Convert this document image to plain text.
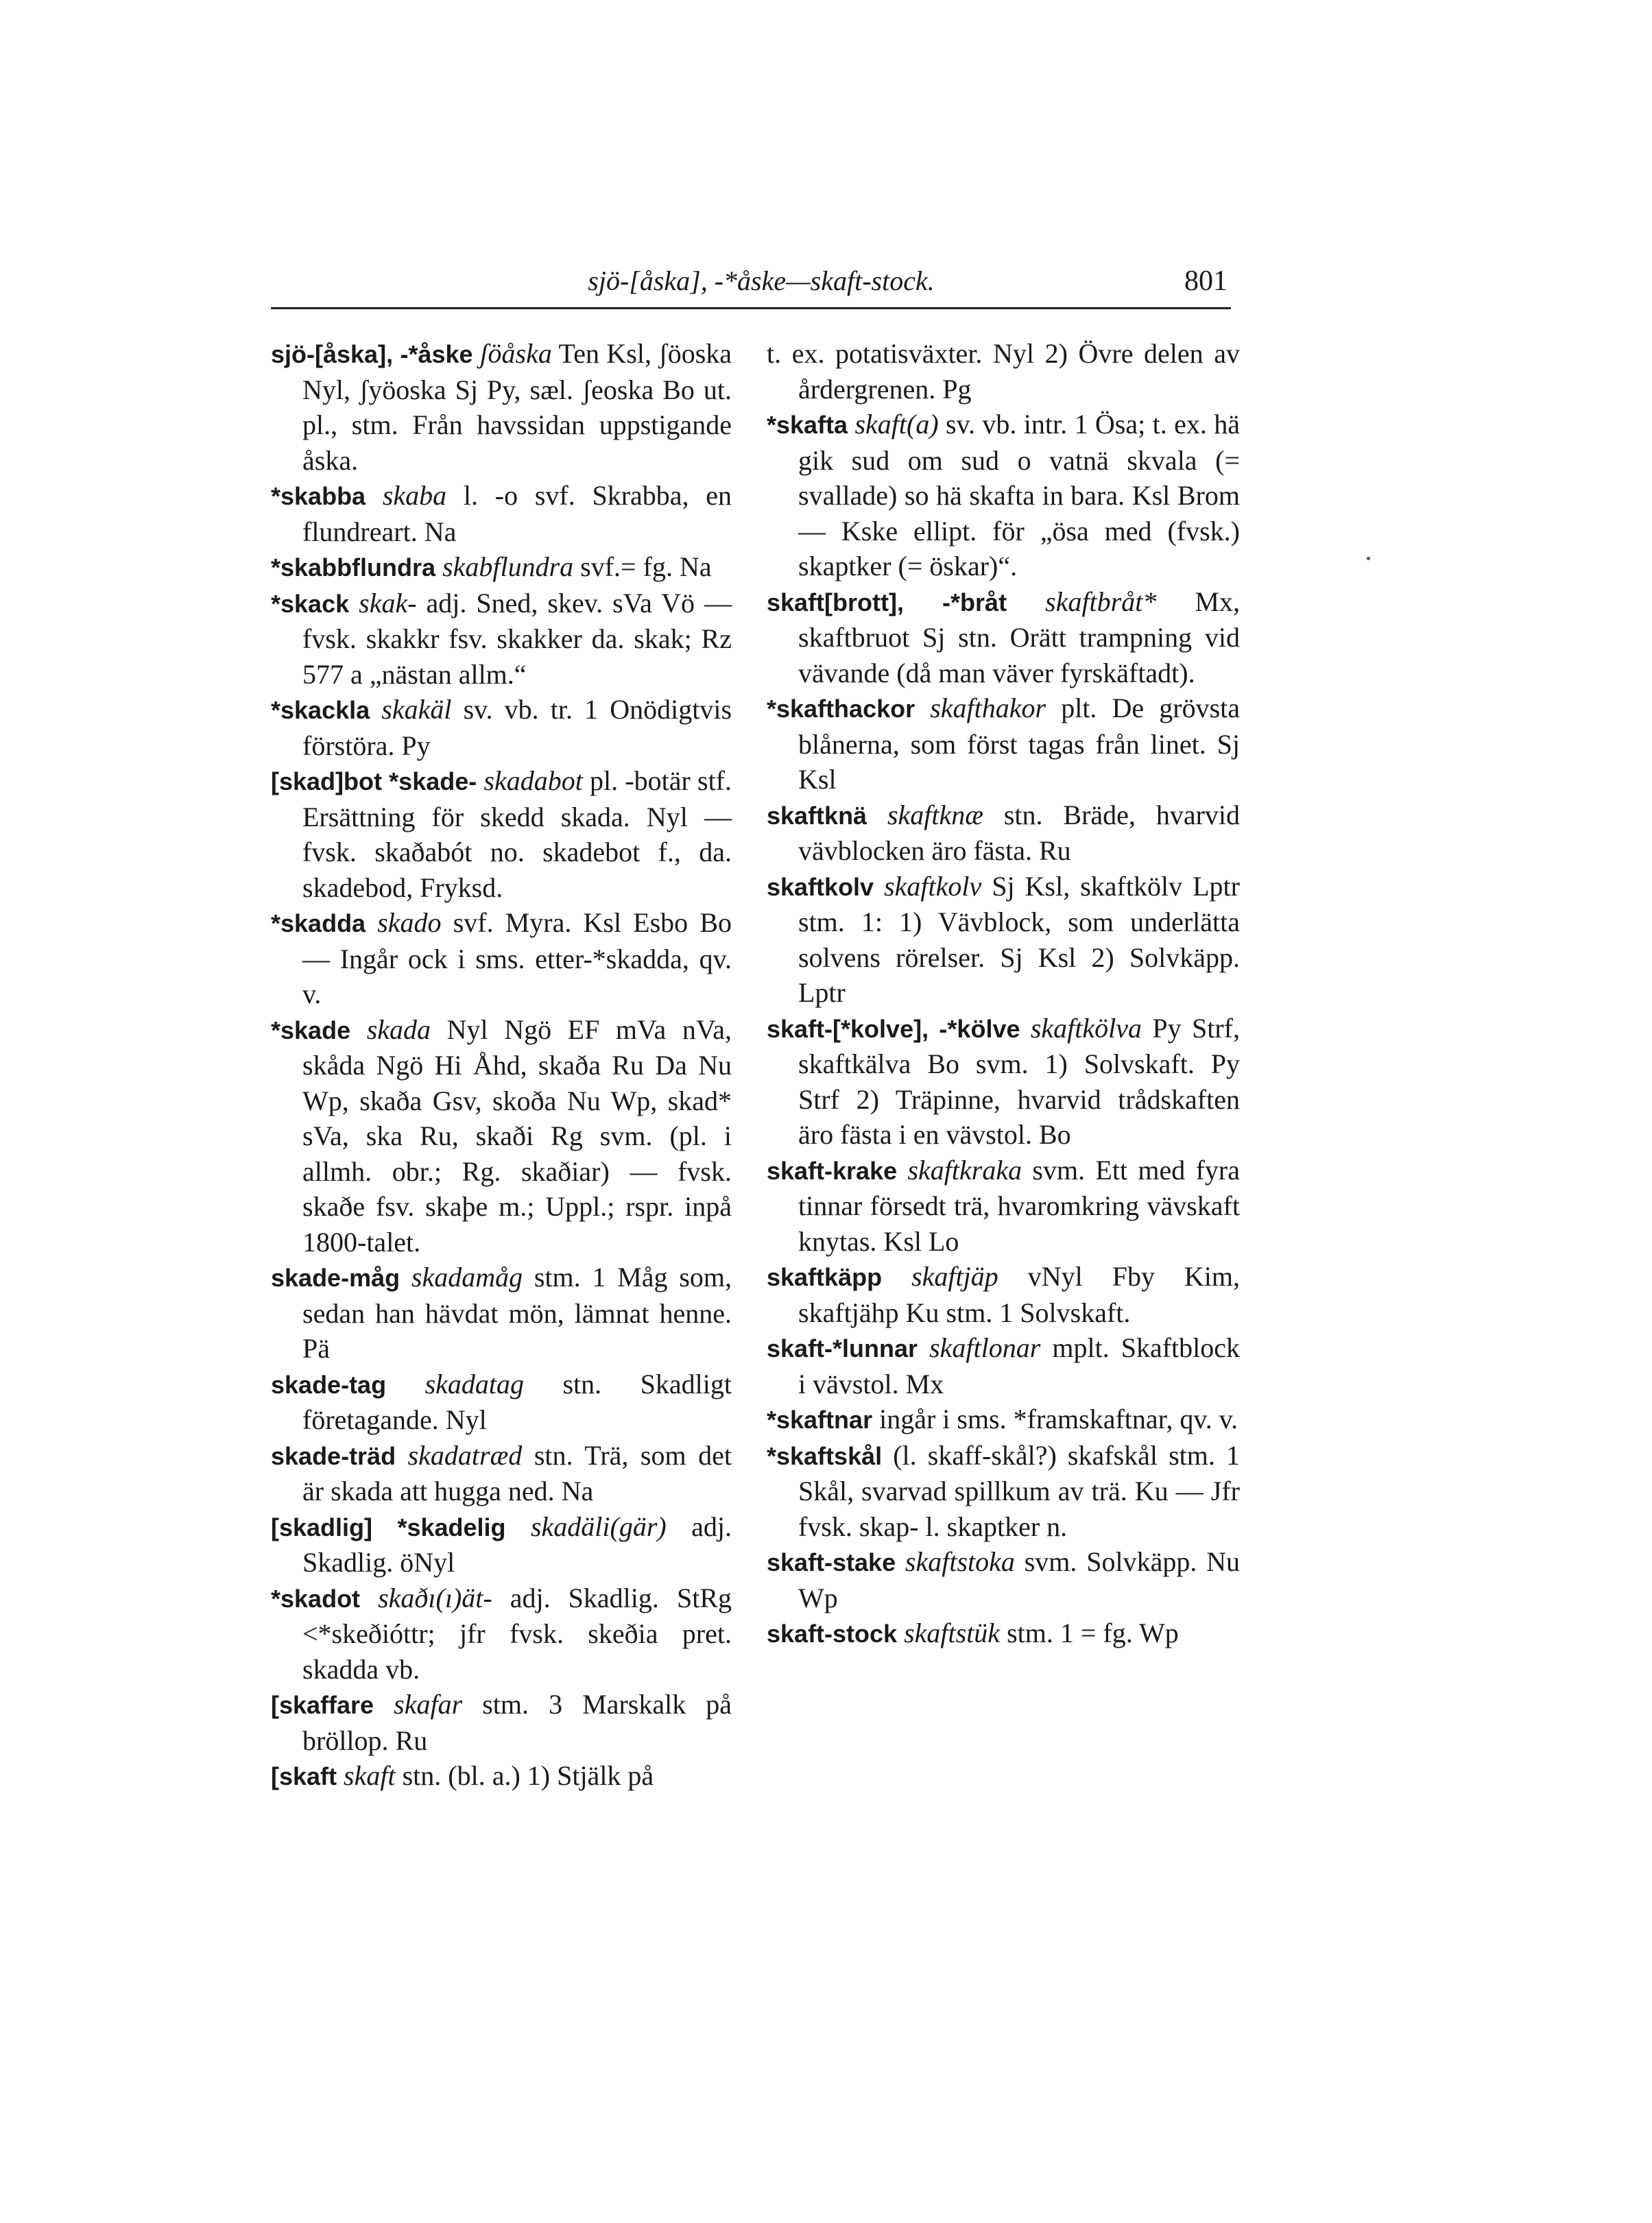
sjö-[åska], -*åske—skaft-stock.	801

sjö-[åska], -*åske ʃöåska Ten Ksl, ʃöoska Nyl, ʃyöoska Sj Py, sæl. ʃeoska Bo ut. pl., stm. Från havssidan uppstigande åska.

*skabba skaba l. -o svf. Skrabba, en flundreart. Na

*skabbflundra skabflundra svf.= fg. Na

*skack skak- adj. Sned, skev. sVa Vö — fvsk. skakkr fsv. skakker da. skak; Rz 577 a „nästan allm.“

*skackla skakäl sv. vb. tr. 1 Onödigtvis förstöra. Py

[skad]bot *skade- skadabot pl. -botär stf. Ersättning för skedd skada. Nyl — fvsk. skaðabót no. skadebot f., da. skadebod, Fryksd.

*skadda skado svf. Myra. Ksl Esbo Bo — Ingår ock i sms. etter-*skadda, qv. v.

*skade skada Nyl Ngö EF mVa nVa, skåda Ngö Hi Åhd, skaða Ru Da Nu Wp, skaða Gsv, skoða Nu Wp, skad* sVa, ska Ru, skaði Rg svm. (pl. i allmh. obr.; Rg. skaðiar) — fvsk. skaðe fsv. skaþe m.; Uppl.; rspr. inpå 1800-talet.

skade-måg skadamåg stm. 1 Måg som, sedan han hävdat mön, lämnat henne. Pä

skade-tag skadatag stn. Skadligt företagande. Nyl

skade-träd skadatræd stn. Trä, som det är skada att hugga ned. Na

[skadlig] *skadelig skadäli(gär) adj. Skadlig. öNyl

*skadot skaðı(ı)ät- adj. Skadlig. StRg <*skeðióttr; jfr fvsk. skeðia pret. skadda vb.

[skaffare skafar stm. 3 Marskalk på bröllop. Ru

[skaft skaft stn. (bl. a.) 1) Stjälk på

t. ex. potatisväxter. Nyl 2) Övre delen av årdergrenen. Pg

*skafta skaft(a) sv. vb. intr. 1 Ösa; t. ex. hä gik sud om sud o vatnä skvala (= svallade) so hä skafta in bara. Ksl Brom — Kske ellipt. för „ösa med (fvsk.) skaptker (= öskar)“.

skaft[brott], -*bråt skaftbråt* Mx, skaftbruot Sj stn. Orätt trampning vid vävande (då man väver fyrskäftadt).

*skafthackor skafthakor plt. De grövsta blånerna, som först tagas från linet. Sj Ksl

skaftknä skaftknæ stn. Bräde, hvarvid vävblocken äro fästa. Ru

skaftkolv skaftkolv Sj Ksl, skaftkölv Lptr stm. 1: 1) Vävblock, som underlätta solvens rörelser. Sj Ksl 2) Solvkäpp. Lptr

skaft-[*kolve], -*kölve skaftkölva Py Strf, skaftkälva Bo svm. 1) Solvskaft. Py Strf 2) Träpinne, hvarvid trådskaften äro fästa i en vävstol. Bo

skaft-krake skaftkraka svm. Ett med fyra tinnar försedt trä, hvaromkring vävskaft knytas. Ksl Lo

skaftkäpp skaftjäp vNyl Fby Kim, skaftjähp Ku stm. 1 Solvskaft.

skaft-*lunnar skaftlonar mplt. Skaftblock i vävstol. Mx

*skaftnar ingår i sms. *framskaftnar, qv. v.

*skaftskål (l. skaff-skål?) skafskål stm. 1 Skål, svarvad spillkum av trä. Ku — Jfr fvsk. skap- l. skaptker n.

skaft-stake skaftstoka svm. Solvkäpp. Nu Wp

skaft-stock skaftstük stm. 1 = fg. Wp
